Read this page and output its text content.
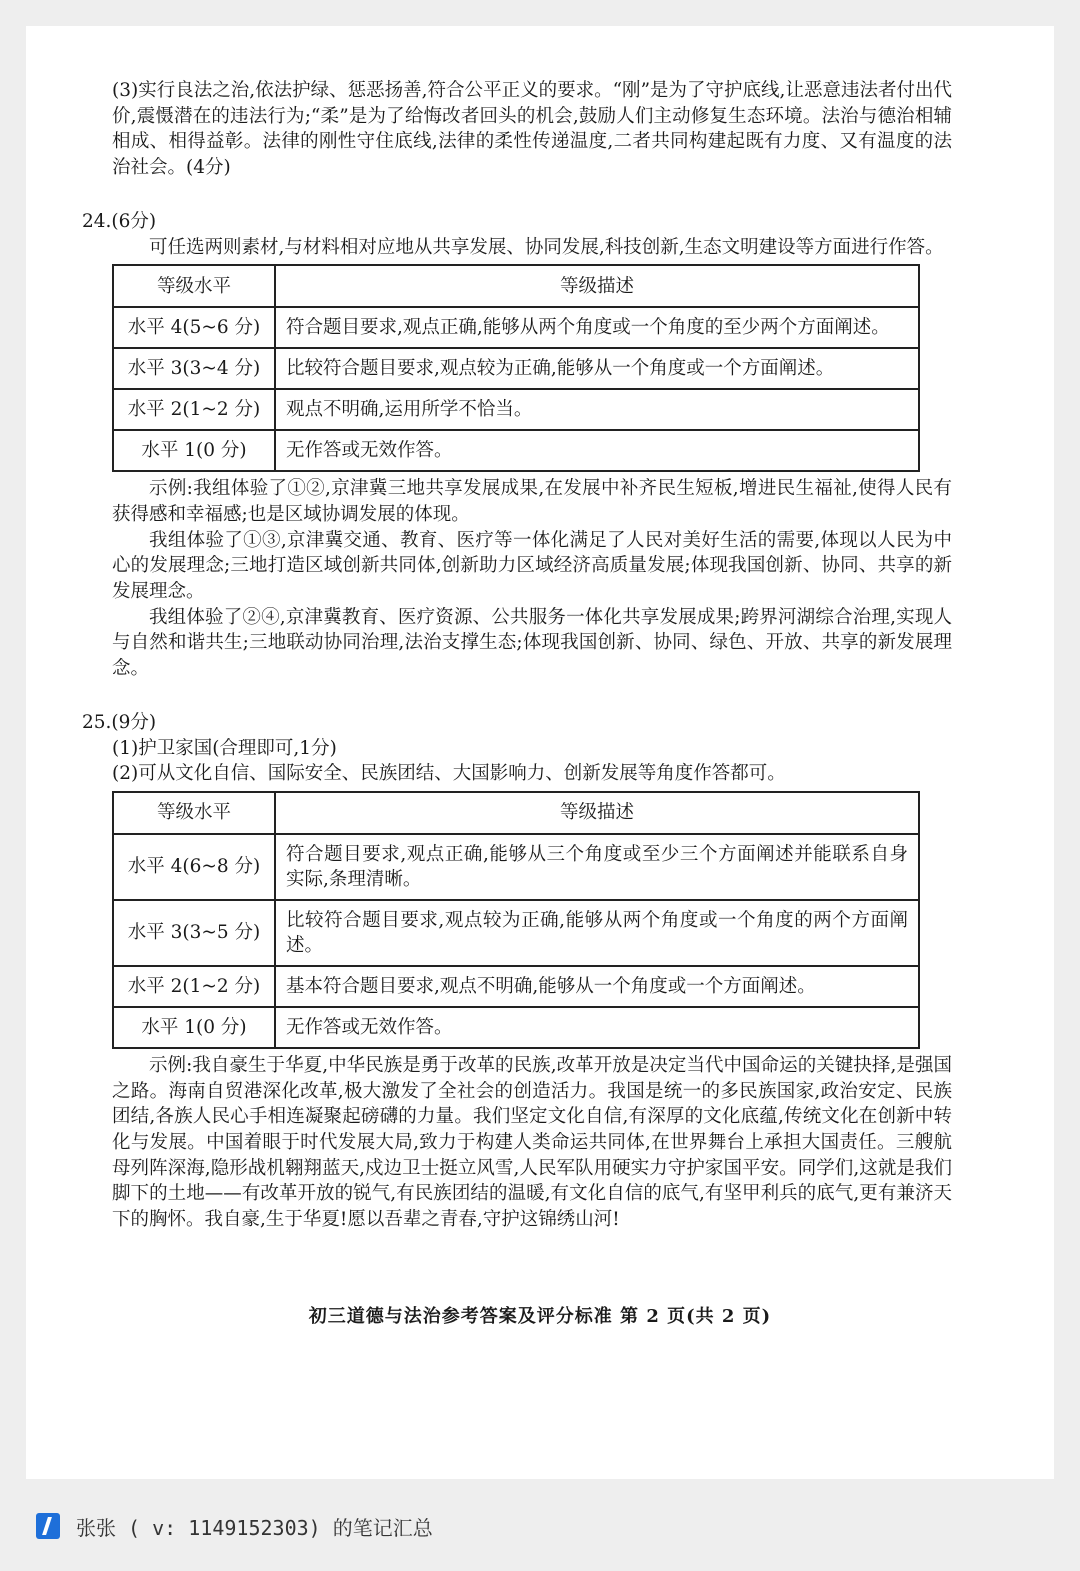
(3)实行良法之治,依法护绿、惩恶扬善,符合公平正义的要求。“刚”是为了守护底线,让恶意违法者付出代价,震慑潜在的违法行为;“柔”是为了给悔改者回头的机会,鼓励人们主动修复生态环境。法治与德治相辅相成、相得益彰。法律的刚性守住底线,法律的柔性传递温度,二者共同构建起既有力度、又有温度的法治社会。(4分)

24.(6分)

可任选两则素材,与材料相对应地从共享发展、协同发展,科技创新,生态文明建设等方面进行作答。

等级水平	等级描述
水平 4(5~6 分)	符合题目要求,观点正确,能够从两个角度或一个角度的至少两个方面阐述。
水平 3(3~4 分)	比较符合题目要求,观点较为正确,能够从一个角度或一个方面阐述。
水平 2(1~2 分)	观点不明确,运用所学不恰当。
水平 1(0 分)	无作答或无效作答。

示例:我组体验了①②,京津冀三地共享发展成果,在发展中补齐民生短板,增进民生福祉,使得人民有获得感和幸福感;也是区域协调发展的体现。

我组体验了①③,京津冀交通、教育、医疗等一体化满足了人民对美好生活的需要,体现以人民为中心的发展理念;三地打造区域创新共同体,创新助力区域经济高质量发展;体现我国创新、协同、共享的新发展理念。

我组体验了②④,京津冀教育、医疗资源、公共服务一体化共享发展成果;跨界河湖综合治理,实现人与自然和谐共生;三地联动协同治理,法治支撑生态;体现我国创新、协同、绿色、开放、共享的新发展理念。

25.(9分)

(1)护卫家国(合理即可,1分)

(2)可从文化自信、国际安全、民族团结、大国影响力、创新发展等角度作答都可。

等级水平	等级描述
水平 4(6~8 分)	符合题目要求,观点正确,能够从三个角度或至少三个方面阐述并能联系自身实际,条理清晰。
水平 3(3~5 分)	比较符合题目要求,观点较为正确,能够从两个角度或一个角度的两个方面阐述。
水平 2(1~2 分)	基本符合题目要求,观点不明确,能够从一个角度或一个方面阐述。
水平 1(0 分)	无作答或无效作答。

示例:我自豪生于华夏,中华民族是勇于改革的民族,改革开放是决定当代中国命运的关键抉择,是强国之路。海南自贸港深化改革,极大激发了全社会的创造活力。我国是统一的多民族国家,政治安定、民族团结,各族人民心手相连凝聚起磅礴的力量。我们坚定文化自信,有深厚的文化底蕴,传统文化在创新中转化与发展。中国着眼于时代发展大局,致力于构建人类命运共同体,在世界舞台上承担大国责任。三艘航母列阵深海,隐形战机翱翔蓝天,戍边卫士挺立风雪,人民军队用硬实力守护家国平安。同学们,这就是我们脚下的土地——有改革开放的锐气,有民族团结的温暖,有文化自信的底气,有坚甲利兵的底气,更有兼济天下的胸怀。我自豪,生于华夏!愿以吾辈之青春,守护这锦绣山河!

初三道德与法治参考答案及评分标准 第 2 页(共 2 页)
张张 ( v: 1149152303) 的笔记汇总
